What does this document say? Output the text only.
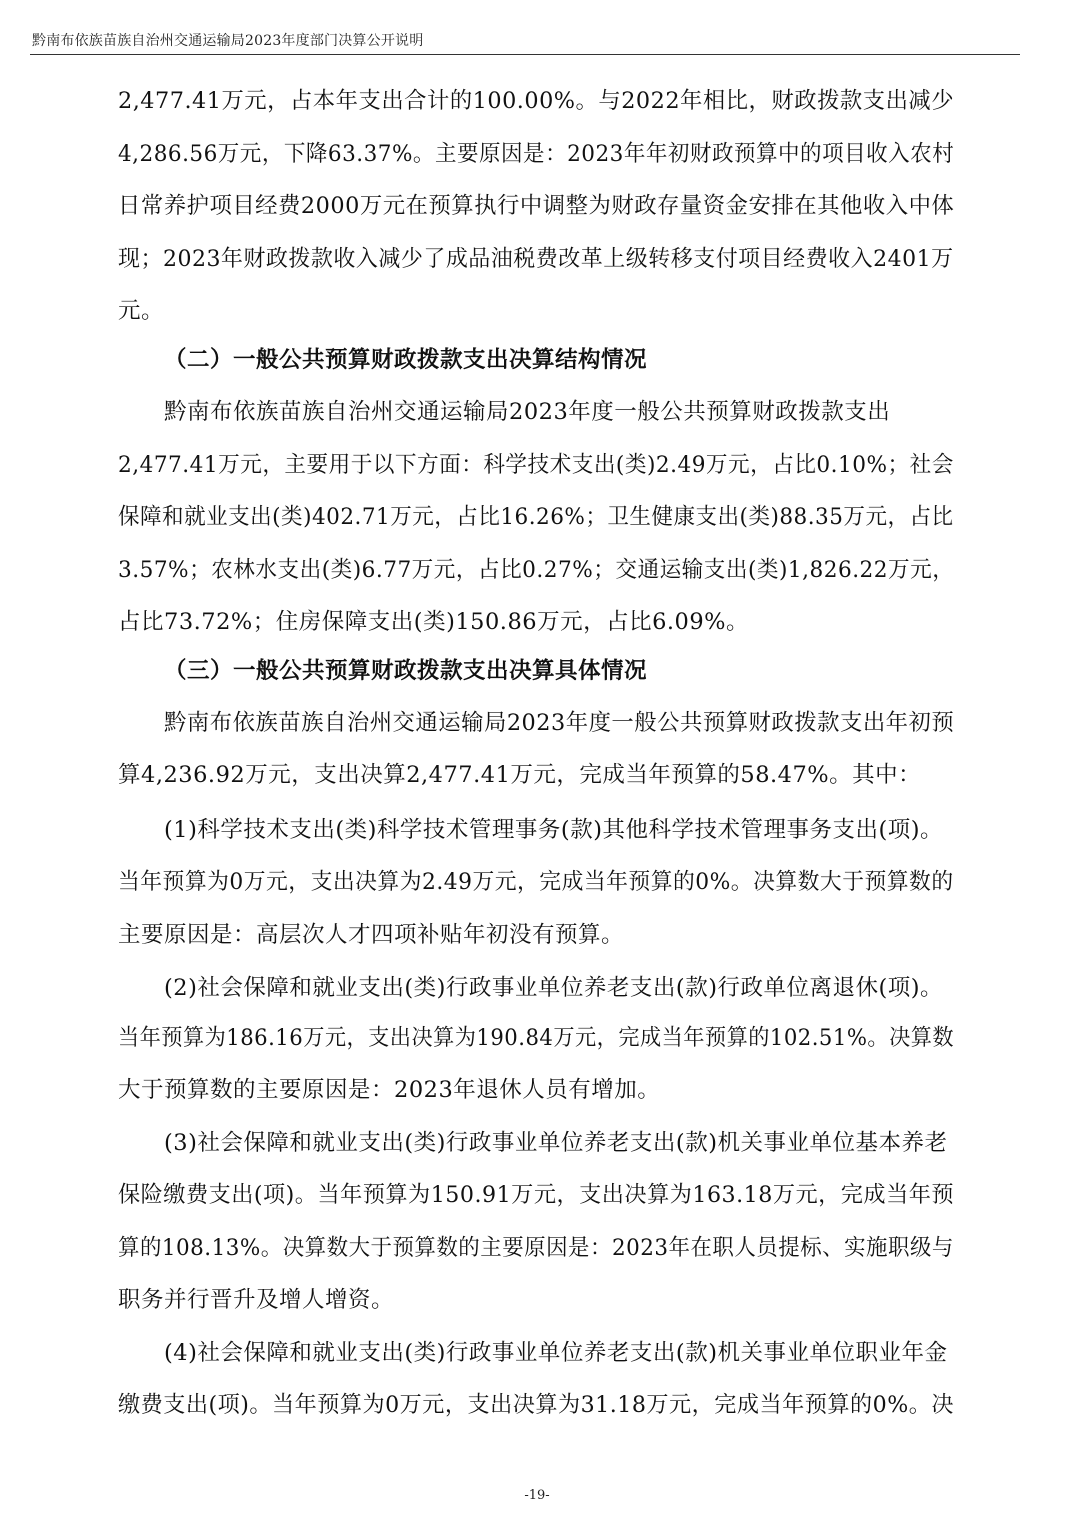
黔南布依族苗族自治州交通运输局2023年度部门决算公开说明
2,477.41万元，占本年支出合计的100.00%。与2022年相比，财政拨款支出减少
4,286.56万元，下降63.37%。主要原因是：2023年年初财政预算中的项目收入农村
日常养护项目经费2000万元在预算执行中调整为财政存量资金安排在其他收入中体
现；2023年财政拨款收入减少了成品油税费改革上级转移支付项目经费收入2401万
元。
（二）一般公共预算财政拨款支出决算结构情况
黔南布依族苗族自治州交通运输局2023年度一般公共预算财政拨款支出
2,477.41万元，主要用于以下方面：科学技术支出(类)2.49万元，占比0.10%；社会
保障和就业支出(类)402.71万元，占比16.26%；卫生健康支出(类)88.35万元，占比
3.57%；农林水支出(类)6.77万元，占比0.27%；交通运输支出(类)1,826.22万元，
占比73.72%；住房保障支出(类)150.86万元，占比6.09%。
（三）一般公共预算财政拨款支出决算具体情况
黔南布依族苗族自治州交通运输局2023年度一般公共预算财政拨款支出年初预
算4,236.92万元，支出决算2,477.41万元，完成当年预算的58.47%。其中：
(1)科学技术支出(类)科学技术管理事务(款)其他科学技术管理事务支出(项)。
当年预算为0万元，支出决算为2.49万元，完成当年预算的0%。决算数大于预算数的
主要原因是：高层次人才四项补贴年初没有预算。
(2)社会保障和就业支出(类)行政事业单位养老支出(款)行政单位离退休(项)。
当年预算为186.16万元，支出决算为190.84万元，完成当年预算的102.51%。决算数
大于预算数的主要原因是：2023年退休人员有增加。
(3)社会保障和就业支出(类)行政事业单位养老支出(款)机关事业单位基本养老
保险缴费支出(项)。当年预算为150.91万元，支出决算为163.18万元，完成当年预
算的108.13%。决算数大于预算数的主要原因是：2023年在职人员提标、实施职级与
职务并行晋升及增人增资。
(4)社会保障和就业支出(类)行政事业单位养老支出(款)机关事业单位职业年金
缴费支出(项)。当年预算为0万元，支出决算为31.18万元，完成当年预算的0%。决
-19-
